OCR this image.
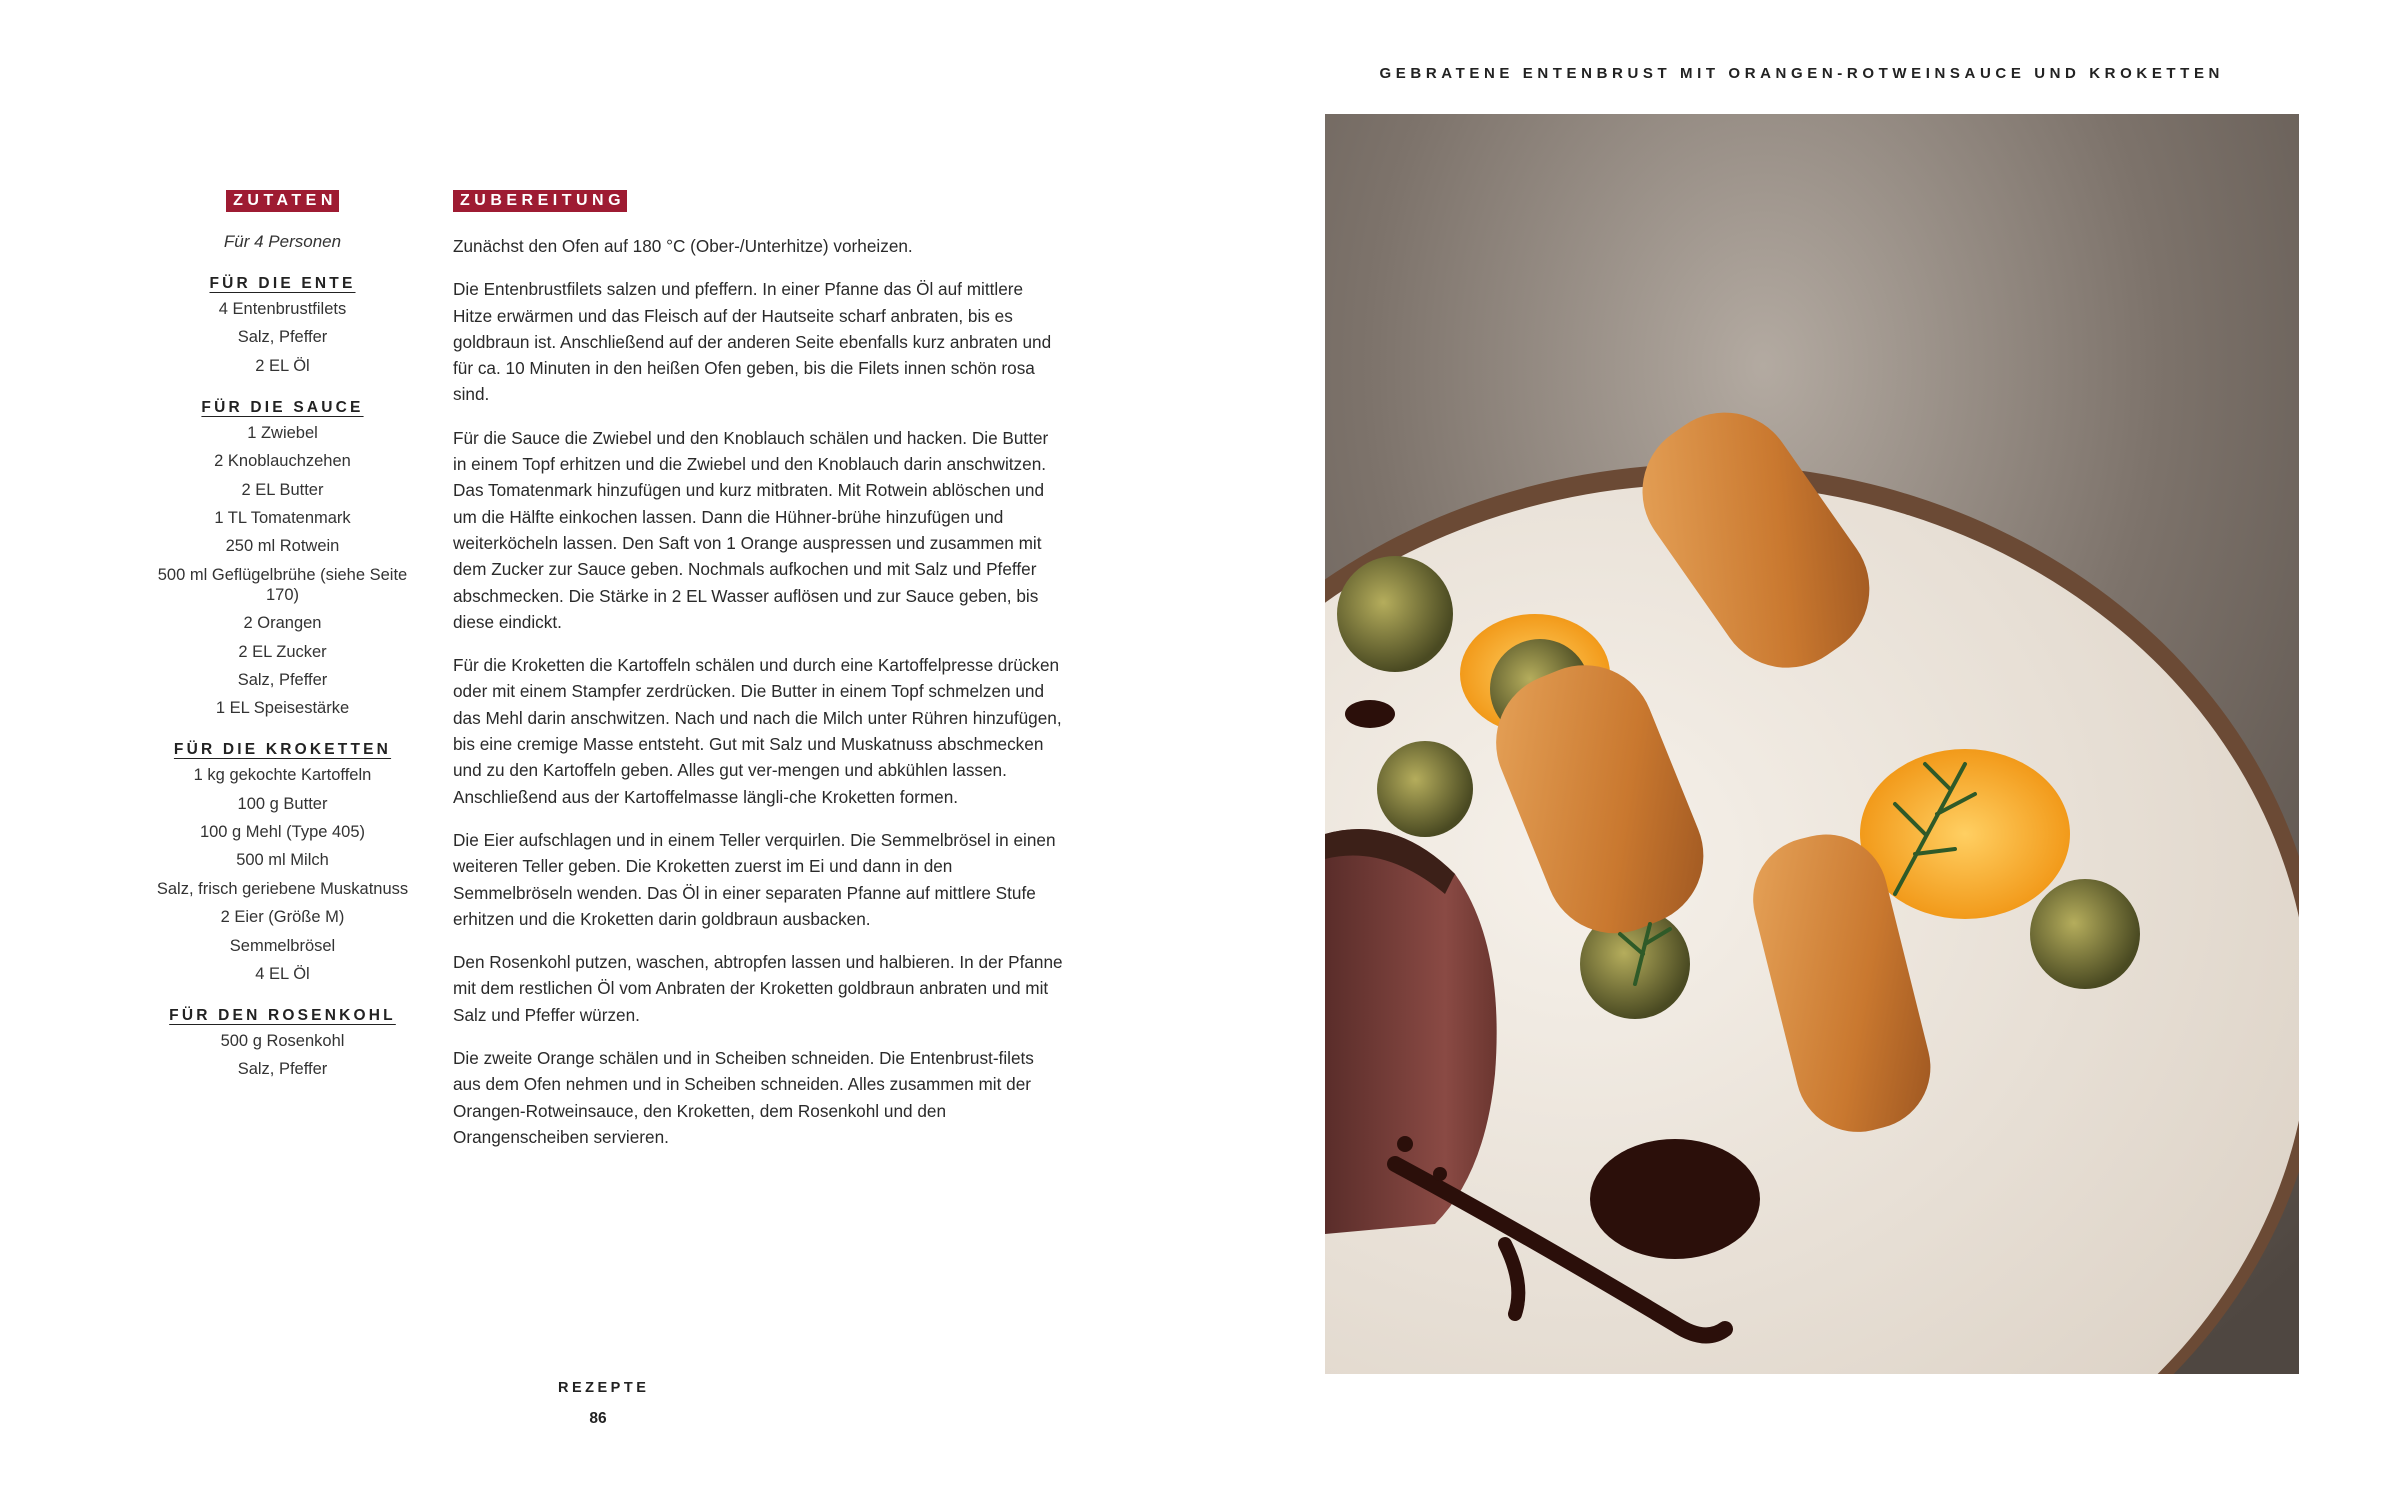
GEBRATENE ENTENBRUST MIT ORANGEN-ROTWEINSAUCE UND KROKETTEN
ZUTATEN
Für 4 Personen
FÜR DIE ENTE
4 Entenbrustfilets
Salz, Pfeffer
2 EL Öl
FÜR DIE SAUCE
1 Zwiebel
2 Knoblauchzehen
2 EL Butter
1 TL Tomatenmark
250 ml Rotwein
500 ml Geflügelbrühe (siehe Seite 170)
2 Orangen
2 EL Zucker
Salz, Pfeffer
1 EL Speisestärke
FÜR DIE KROKETTEN
1 kg gekochte Kartoffeln
100 g Butter
100 g Mehl (Type 405)
500 ml Milch
Salz, frisch geriebene Muskatnuss
2 Eier (Größe M)
Semmelbrösel
4 EL Öl
FÜR DEN ROSENKOHL
500 g Rosenkohl
Salz, Pfeffer
ZUBEREITUNG

Zunächst den Ofen auf 180 °C (Ober-/Unterhitze) vorheizen.

Die Entenbrustfilets salzen und pfeffern. In einer Pfanne das Öl auf mittlere Hitze erwärmen und das Fleisch auf der Hautseite scharf anbraten, bis es goldbraun ist. Anschließend auf der anderen Seite ebenfalls kurz anbraten und für ca. 10 Minuten in den heißen Ofen geben, bis die Filets innen schön rosa sind.

Für die Sauce die Zwiebel und den Knoblauch schälen und hacken. Die Butter in einem Topf erhitzen und die Zwiebel und den Knoblauch darin anschwitzen. Das Tomatenmark hinzufügen und kurz mitbraten. Mit Rotwein ablöschen und um die Hälfte einkochen lassen. Dann die Hühner-brühe hinzufügen und weiterköcheln lassen. Den Saft von 1 Orange auspressen und zusammen mit dem Zucker zur Sauce geben. Nochmals aufkochen und mit Salz und Pfeffer abschmecken. Die Stärke in 2 EL Wasser auflösen und zur Sauce geben, bis diese eindickt.

Für die Kroketten die Kartoffeln schälen und durch eine Kartoffelpresse drücken oder mit einem Stampfer zerdrücken. Die Butter in einem Topf schmelzen und das Mehl darin anschwitzen. Nach und nach die Milch unter Rühren hinzufügen, bis eine cremige Masse entsteht. Gut mit Salz und Muskatnuss abschmecken und zu den Kartoffeln geben. Alles gut ver-mengen und abkühlen lassen. Anschließend aus der Kartoffelmasse längli-che Kroketten formen.

Die Eier aufschlagen und in einem Teller verquirlen. Die Semmelbrösel in einen weiteren Teller geben. Die Kroketten zuerst im Ei und dann in den Semmelbröseln wenden. Das Öl in einer separaten Pfanne auf mittlere Stufe erhitzen und die Kroketten darin goldbraun ausbacken.

Den Rosenkohl putzen, waschen, abtropfen lassen und halbieren. In der Pfanne mit dem restlichen Öl vom Anbraten der Kroketten goldbraun anbraten und mit Salz und Pfeffer würzen.

Die zweite Orange schälen und in Scheiben schneiden. Die Entenbrust-filets aus dem Ofen nehmen und in Scheiben schneiden. Alles zusammen mit der Orangen-Rotweinsauce, den Kroketten, dem Rosenkohl und den Orangenscheiben servieren.

REZEPTE
86
